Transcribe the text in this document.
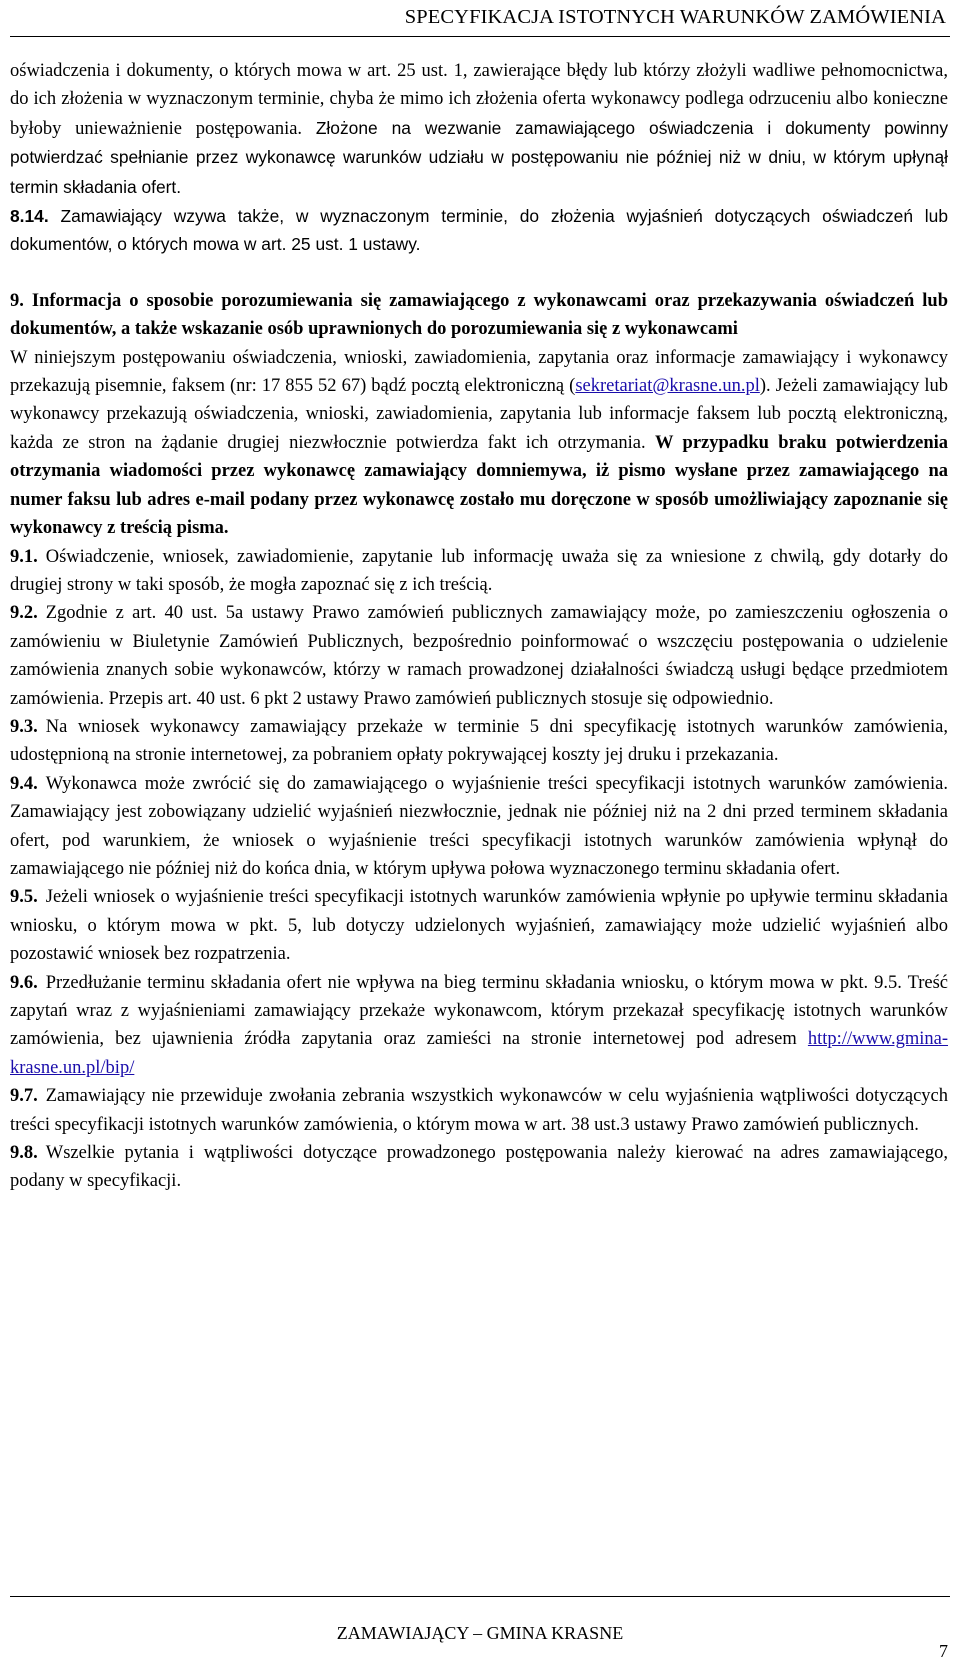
SPECYFIKACJA ISTOTNYCH WARUNKÓW ZAMÓWIENIA

oświadczenia i dokumenty, o których mowa w art. 25 ust. 1, zawierające błędy lub którzy złożyli wadliwe pełnomocnictwa, do ich złożenia w wyznaczonym terminie, chyba że mimo ich złożenia oferta wykonawcy podlega odrzuceniu albo konieczne byłoby unieważnienie postępowania. Złożone na wezwanie zamawiającego oświadczenia i dokumenty powinny potwierdzać spełnianie przez wykonawcę warunków udziału w postępowaniu nie później niż w dniu, w którym upłynął termin składania ofert.

8.14. Zamawiający wzywa także, w wyznaczonym terminie, do złożenia wyjaśnień dotyczących oświadczeń lub dokumentów, o których mowa w art. 25 ust. 1 ustawy.

9. Informacja o sposobie porozumiewania się zamawiającego z wykonawcami oraz przekazywania oświadczeń lub dokumentów, a także wskazanie osób uprawnionych do porozumiewania się z wykonawcami

W niniejszym postępowaniu oświadczenia, wnioski, zawiadomienia, zapytania oraz informacje zamawiający i wykonawcy przekazują pisemnie, faksem (nr: 17 855 52 67) bądź pocztą elektroniczną (sekretariat@krasne.un.pl). Jeżeli zamawiający lub wykonawcy przekazują oświadczenia, wnioski, zawiadomienia, zapytania lub informacje faksem lub pocztą elektroniczną, każda ze stron na żądanie drugiej niezwłocznie potwierdza fakt ich otrzymania. W przypadku braku potwierdzenia otrzymania wiadomości przez wykonawcę zamawiający domniemywa, iż pismo wysłane przez zamawiającego na numer faksu lub adres e-mail podany przez wykonawcę zostało mu doręczone w sposób umożliwiający zapoznanie się wykonawcy z treścią pisma.

9.1. Oświadczenie, wniosek, zawiadomienie, zapytanie lub informację uważa się za wniesione z chwilą, gdy dotarły do drugiej strony w taki sposób, że mogła zapoznać się z ich treścią.

9.2. Zgodnie z art. 40 ust. 5a ustawy Prawo zamówień publicznych zamawiający może, po zamieszczeniu ogłoszenia o zamówieniu w Biuletynie Zamówień Publicznych, bezpośrednio poinformować o wszczęciu postępowania o udzielenie zamówienia znanych sobie wykonawców, którzy w ramach prowadzonej działalności świadczą usługi będące przedmiotem zamówienia. Przepis art. 40 ust. 6 pkt 2 ustawy Prawo zamówień publicznych stosuje się odpowiednio.

9.3. Na wniosek wykonawcy zamawiający przekaże w terminie 5 dni specyfikację istotnych warunków zamówienia, udostępnioną na stronie internetowej, za pobraniem opłaty pokrywającej koszty jej druku i przekazania.

9.4. Wykonawca może zwrócić się do zamawiającego o wyjaśnienie treści specyfikacji istotnych warunków zamówienia. Zamawiający jest zobowiązany udzielić wyjaśnień niezwłocznie, jednak nie później niż na 2 dni przed terminem składania ofert, pod warunkiem, że wniosek o wyjaśnienie treści specyfikacji istotnych warunków zamówienia wpłynął do zamawiającego nie później niż do końca dnia, w którym upływa połowa wyznaczonego terminu składania ofert.

9.5. Jeżeli wniosek o wyjaśnienie treści specyfikacji istotnych warunków zamówienia wpłynie po upływie terminu składania wniosku, o którym mowa w pkt. 5, lub dotyczy udzielonych wyjaśnień, zamawiający może udzielić wyjaśnień albo pozostawić wniosek bez rozpatrzenia.

9.6. Przedłużanie terminu składania ofert nie wpływa na bieg terminu składania wniosku, o którym mowa w pkt. 9.5. Treść zapytań wraz z wyjaśnieniami zamawiający przekaże wykonawcom, którym przekazał specyfikację istotnych warunków zamówienia, bez ujawnienia źródła zapytania oraz zamieści na stronie internetowej pod adresem http://www.gmina-krasne.un.pl/bip/

9.7. Zamawiający nie przewiduje zwołania zebrania wszystkich wykonawców w celu wyjaśnienia wątpliwości dotyczących treści specyfikacji istotnych warunków zamówienia, o którym mowa w art. 38 ust.3 ustawy Prawo zamówień publicznych.

9.8. Wszelkie pytania i wątpliwości dotyczące prowadzonego postępowania należy kierować na adres zamawiającego, podany w specyfikacji.

ZAMAWIAJĄCY – GMINA KRASNE
7
